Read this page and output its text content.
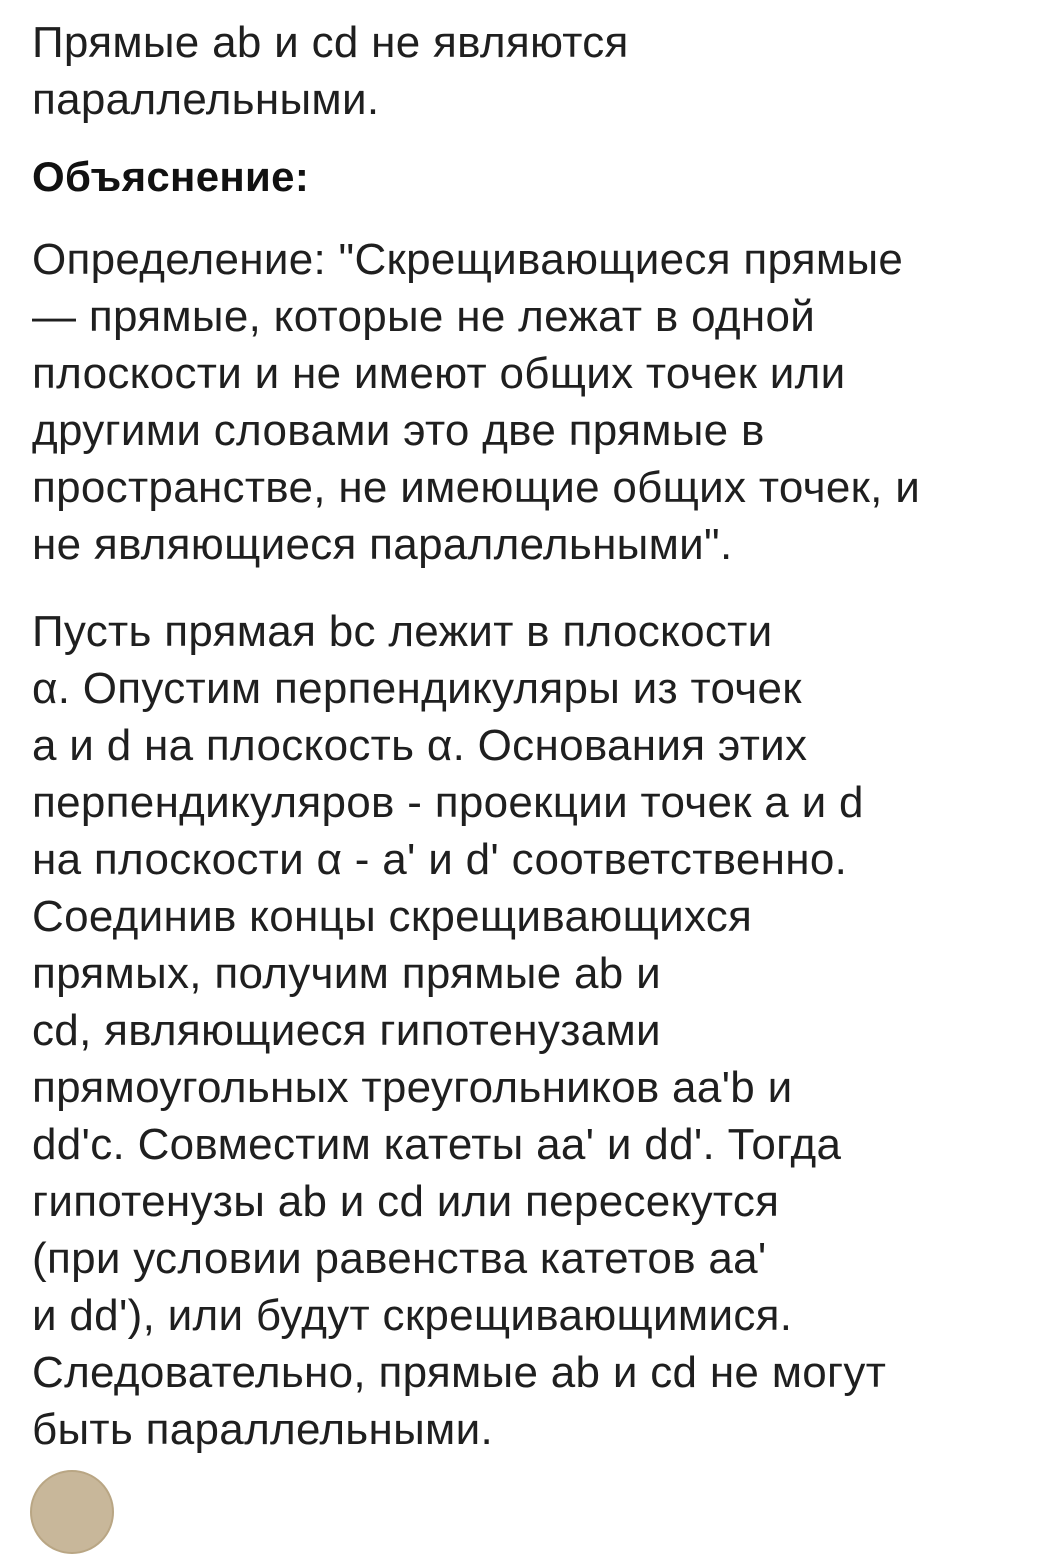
Прямые ab и cd не являются
параллельными.

Объяснение:

Определение: "Скрещивающиеся прямые
— прямые, которые не лежат в одной
плоскости и не имеют общих точек или
другими словами это две прямые в
пространстве, не имеющие общих точек, и
не являющиеся параллельными".

Пусть прямая bc лежит в плоскости
α. Опустим перпендикуляры из точек
a и d на плоскость α. Основания этих
перпендикуляров - проекции точек a и d
на плоскости α - a' и d' соответственно.
Соединив концы скрещивающихся
прямых, получим прямые ab и
cd, являющиеся гипотенузами
прямоугольных треугольников aa'b и
dd'c. Совместим катеты aa' и dd'. Тогда
гипотенузы ab и cd или пересекутся
(при условии равенства катетов aa'
и dd'), или будут скрещивающимися.
Следовательно, прямые ab и cd не могут
быть параллельными.
